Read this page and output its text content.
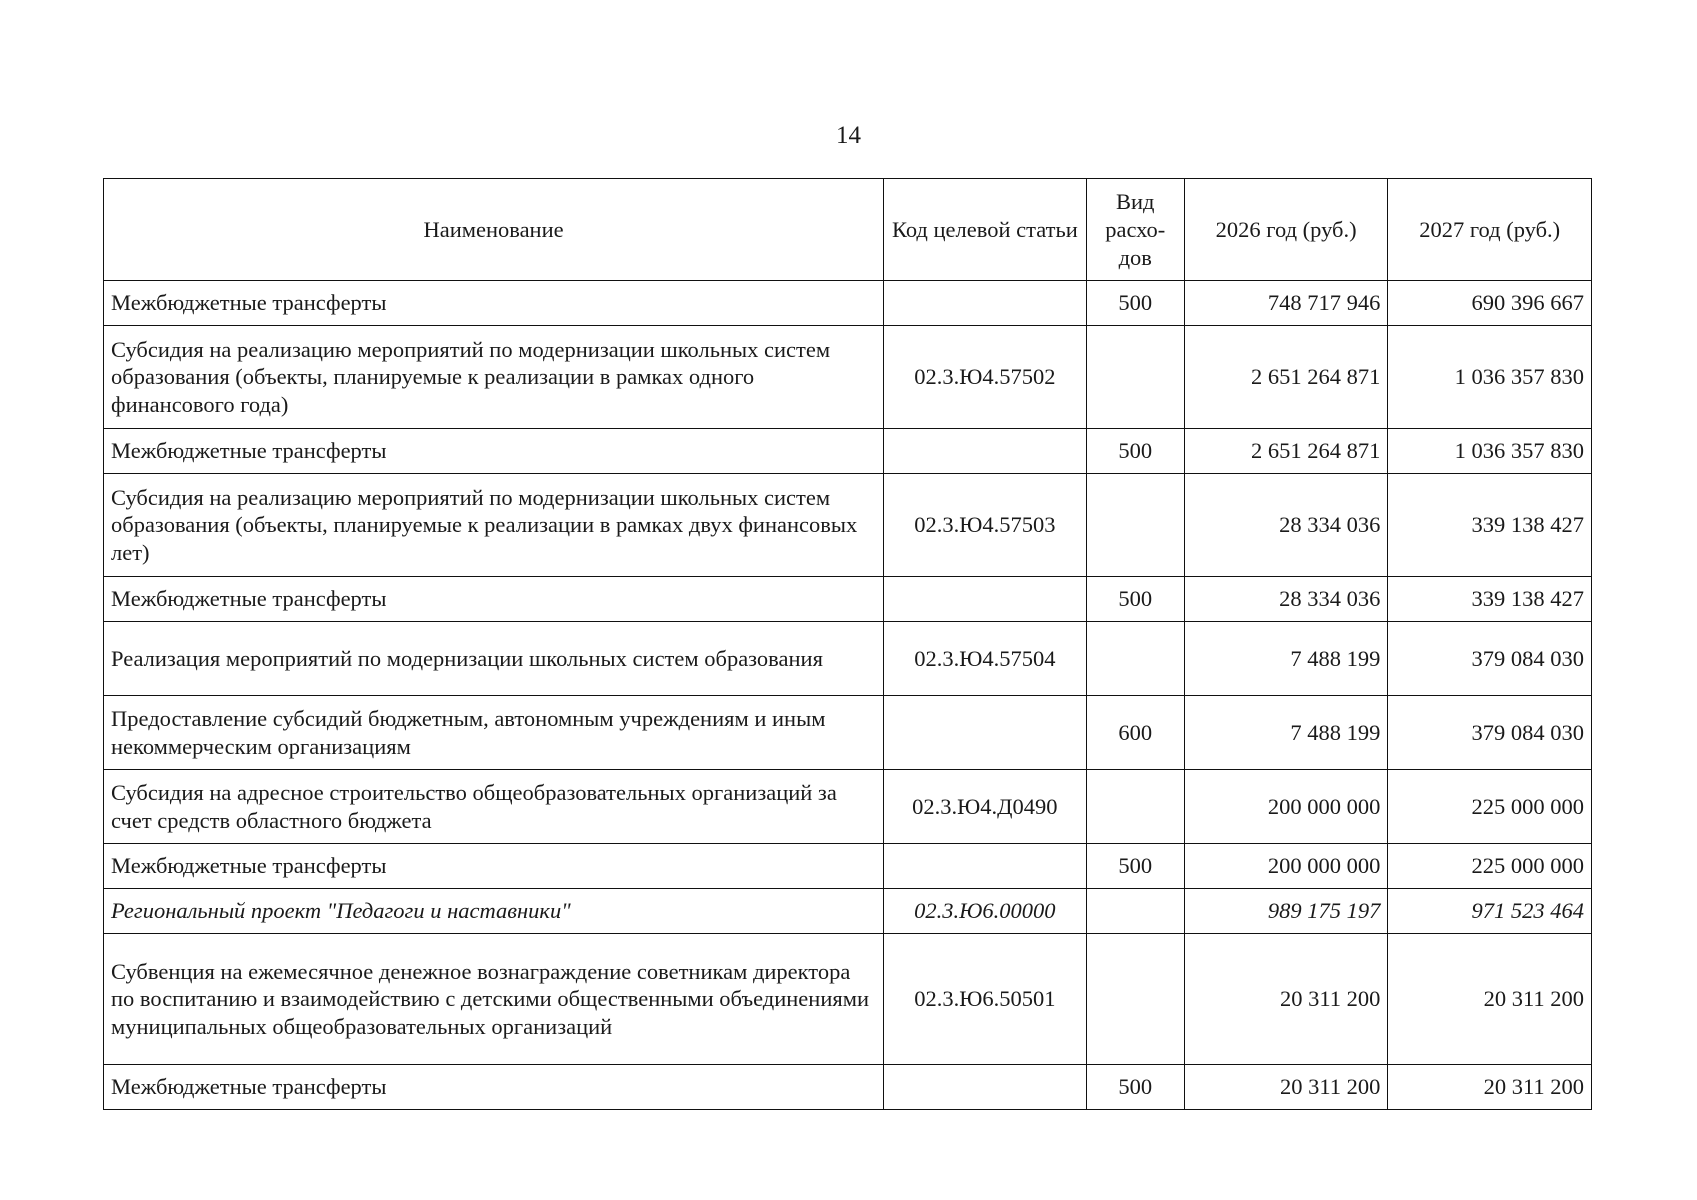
14
Наименование	Код целевой статьи	Вид расхо-дов	2026 год (руб.)	2027 год (руб.)
Межбюджетные трансферты		500	748 717 946	690 396 667
Субсидия на реализацию мероприятий по модернизации школьных систем образования (объекты, планируемые к реализации в рамках одного финансового года)	02.3.Ю4.57502		2 651 264 871	1 036 357 830
Межбюджетные трансферты		500	2 651 264 871	1 036 357 830
Субсидия на реализацию мероприятий по модернизации школьных систем образования (объекты, планируемые к реализации в рамках двух финансовых лет)	02.3.Ю4.57503		28 334 036	339 138 427
Межбюджетные трансферты		500	28 334 036	339 138 427
Реализация мероприятий по модернизации школьных систем образования	02.3.Ю4.57504		7 488 199	379 084 030
Предоставление субсидий бюджетным, автономным учреждениям и иным некоммерческим организациям		600	7 488 199	379 084 030
Субсидия на адресное строительство общеобразовательных организаций за счет средств областного бюджета	02.3.Ю4.Д0490		200 000 000	225 000 000
Межбюджетные трансферты		500	200 000 000	225 000 000
Региональный проект "Педагоги и наставники"	02.3.Ю6.00000		989 175 197	971 523 464
Субвенция на ежемесячное денежное вознаграждение советникам директора по воспитанию и взаимодействию с детскими общественными объединениями муниципальных общеобразовательных организаций	02.3.Ю6.50501		20 311 200	20 311 200
Межбюджетные трансферты		500	20 311 200	20 311 200
